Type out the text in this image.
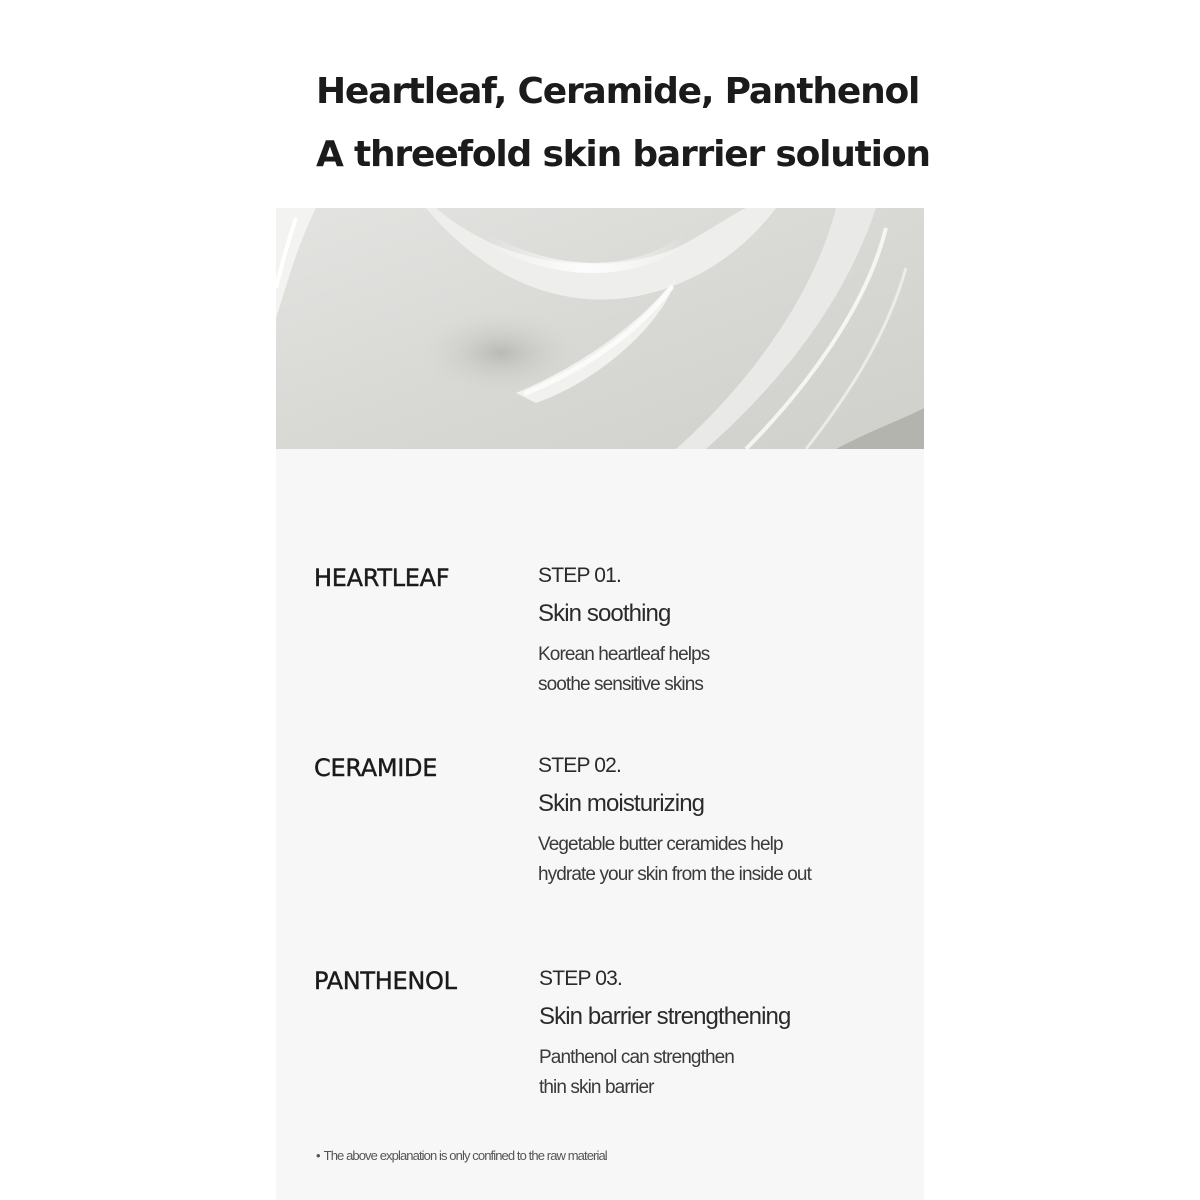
Heartleaf, Ceramide, Panthenol
A threefold skin barrier solution
HEARTLEAF	STEP 01.
Skin soothing
Korean heartleaf helps
soothe sensitive skins
CERAMIDE	STEP 02.
Skin moisturizing
Vegetable butter ceramides help
hydrate your skin from the inside out
PANTHENOL	STEP 03.
Skin barrier strengthening
Panthenol can strengthen
thin skin barrier
• The above explanation is only confined to the raw material
